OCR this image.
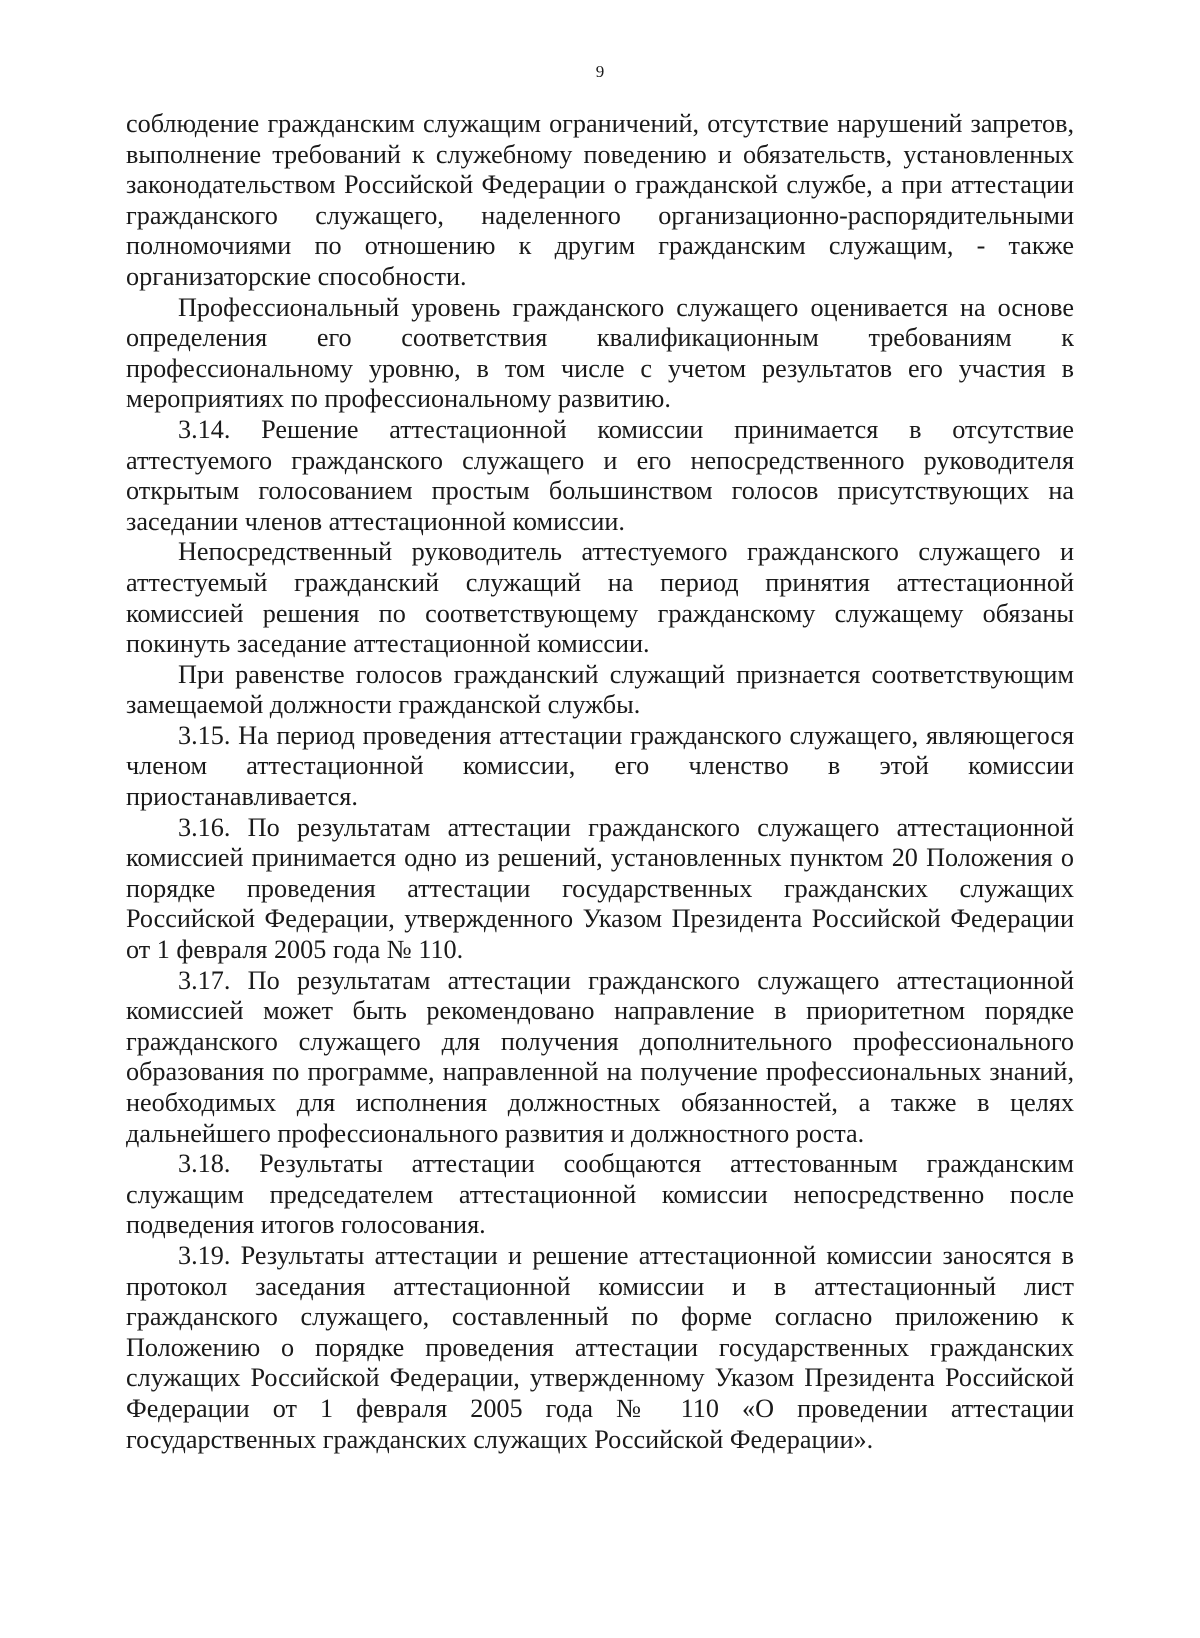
9

соблюдение гражданским служащим ограничений, отсутствие нарушений запретов, выполнение требований к служебному поведению и обязательств, установленных законодательством Российской Федерации о гражданской службе, а при аттестации гражданского служащего, наделенного организационно-распорядительными полномочиями по отношению к другим гражданским служащим, - также организаторские способности.

Профессиональный уровень гражданского служащего оценивается на основе определения его соответствия квалификационным требованиям к профессиональному уровню, в том числе с учетом результатов его участия в мероприятиях по профессиональному развитию.

3.14. Решение аттестационной комиссии принимается в отсутствие аттестуемого гражданского служащего и его непосредственного руководителя открытым голосованием простым большинством голосов присутствующих на заседании членов аттестационной комиссии.

Непосредственный руководитель аттестуемого гражданского служащего и аттестуемый гражданский служащий на период принятия аттестационной комиссией решения по соответствующему гражданскому служащему обязаны покинуть заседание аттестационной комиссии.

При равенстве голосов гражданский служащий признается соответствующим замещаемой должности гражданской службы.

3.15. На период проведения аттестации гражданского служащего, являющегося членом аттестационной комиссии, его членство в этой комиссии приостанавливается.

3.16. По результатам аттестации гражданского служащего аттестационной комиссией принимается одно из решений, установленных пунктом 20 Положения о порядке проведения аттестации государственных гражданских служащих Российской Федерации, утвержденного Указом Президента Российской Федерации от 1 февраля 2005 года № 110.

3.17. По результатам аттестации гражданского служащего аттестационной комиссией может быть рекомендовано направление в приоритетном порядке гражданского служащего для получения дополнительного профессионального образования по программе, направленной на получение профессиональных знаний, необходимых для исполнения должностных обязанностей, а также в целях дальнейшего профессионального развития и должностного роста.

3.18. Результаты аттестации сообщаются аттестованным гражданским служащим председателем аттестационной комиссии непосредственно после подведения итогов голосования.

3.19. Результаты аттестации и решение аттестационной комиссии заносятся в протокол заседания аттестационной комиссии и в аттестационный лист гражданского служащего, составленный по форме согласно приложению к Положению о порядке проведения аттестации государственных гражданских служащих Российской Федерации, утвержденному Указом Президента Российской Федерации от 1 февраля 2005 года № 110 «О проведении аттестации государственных гражданских служащих Российской Федерации».
